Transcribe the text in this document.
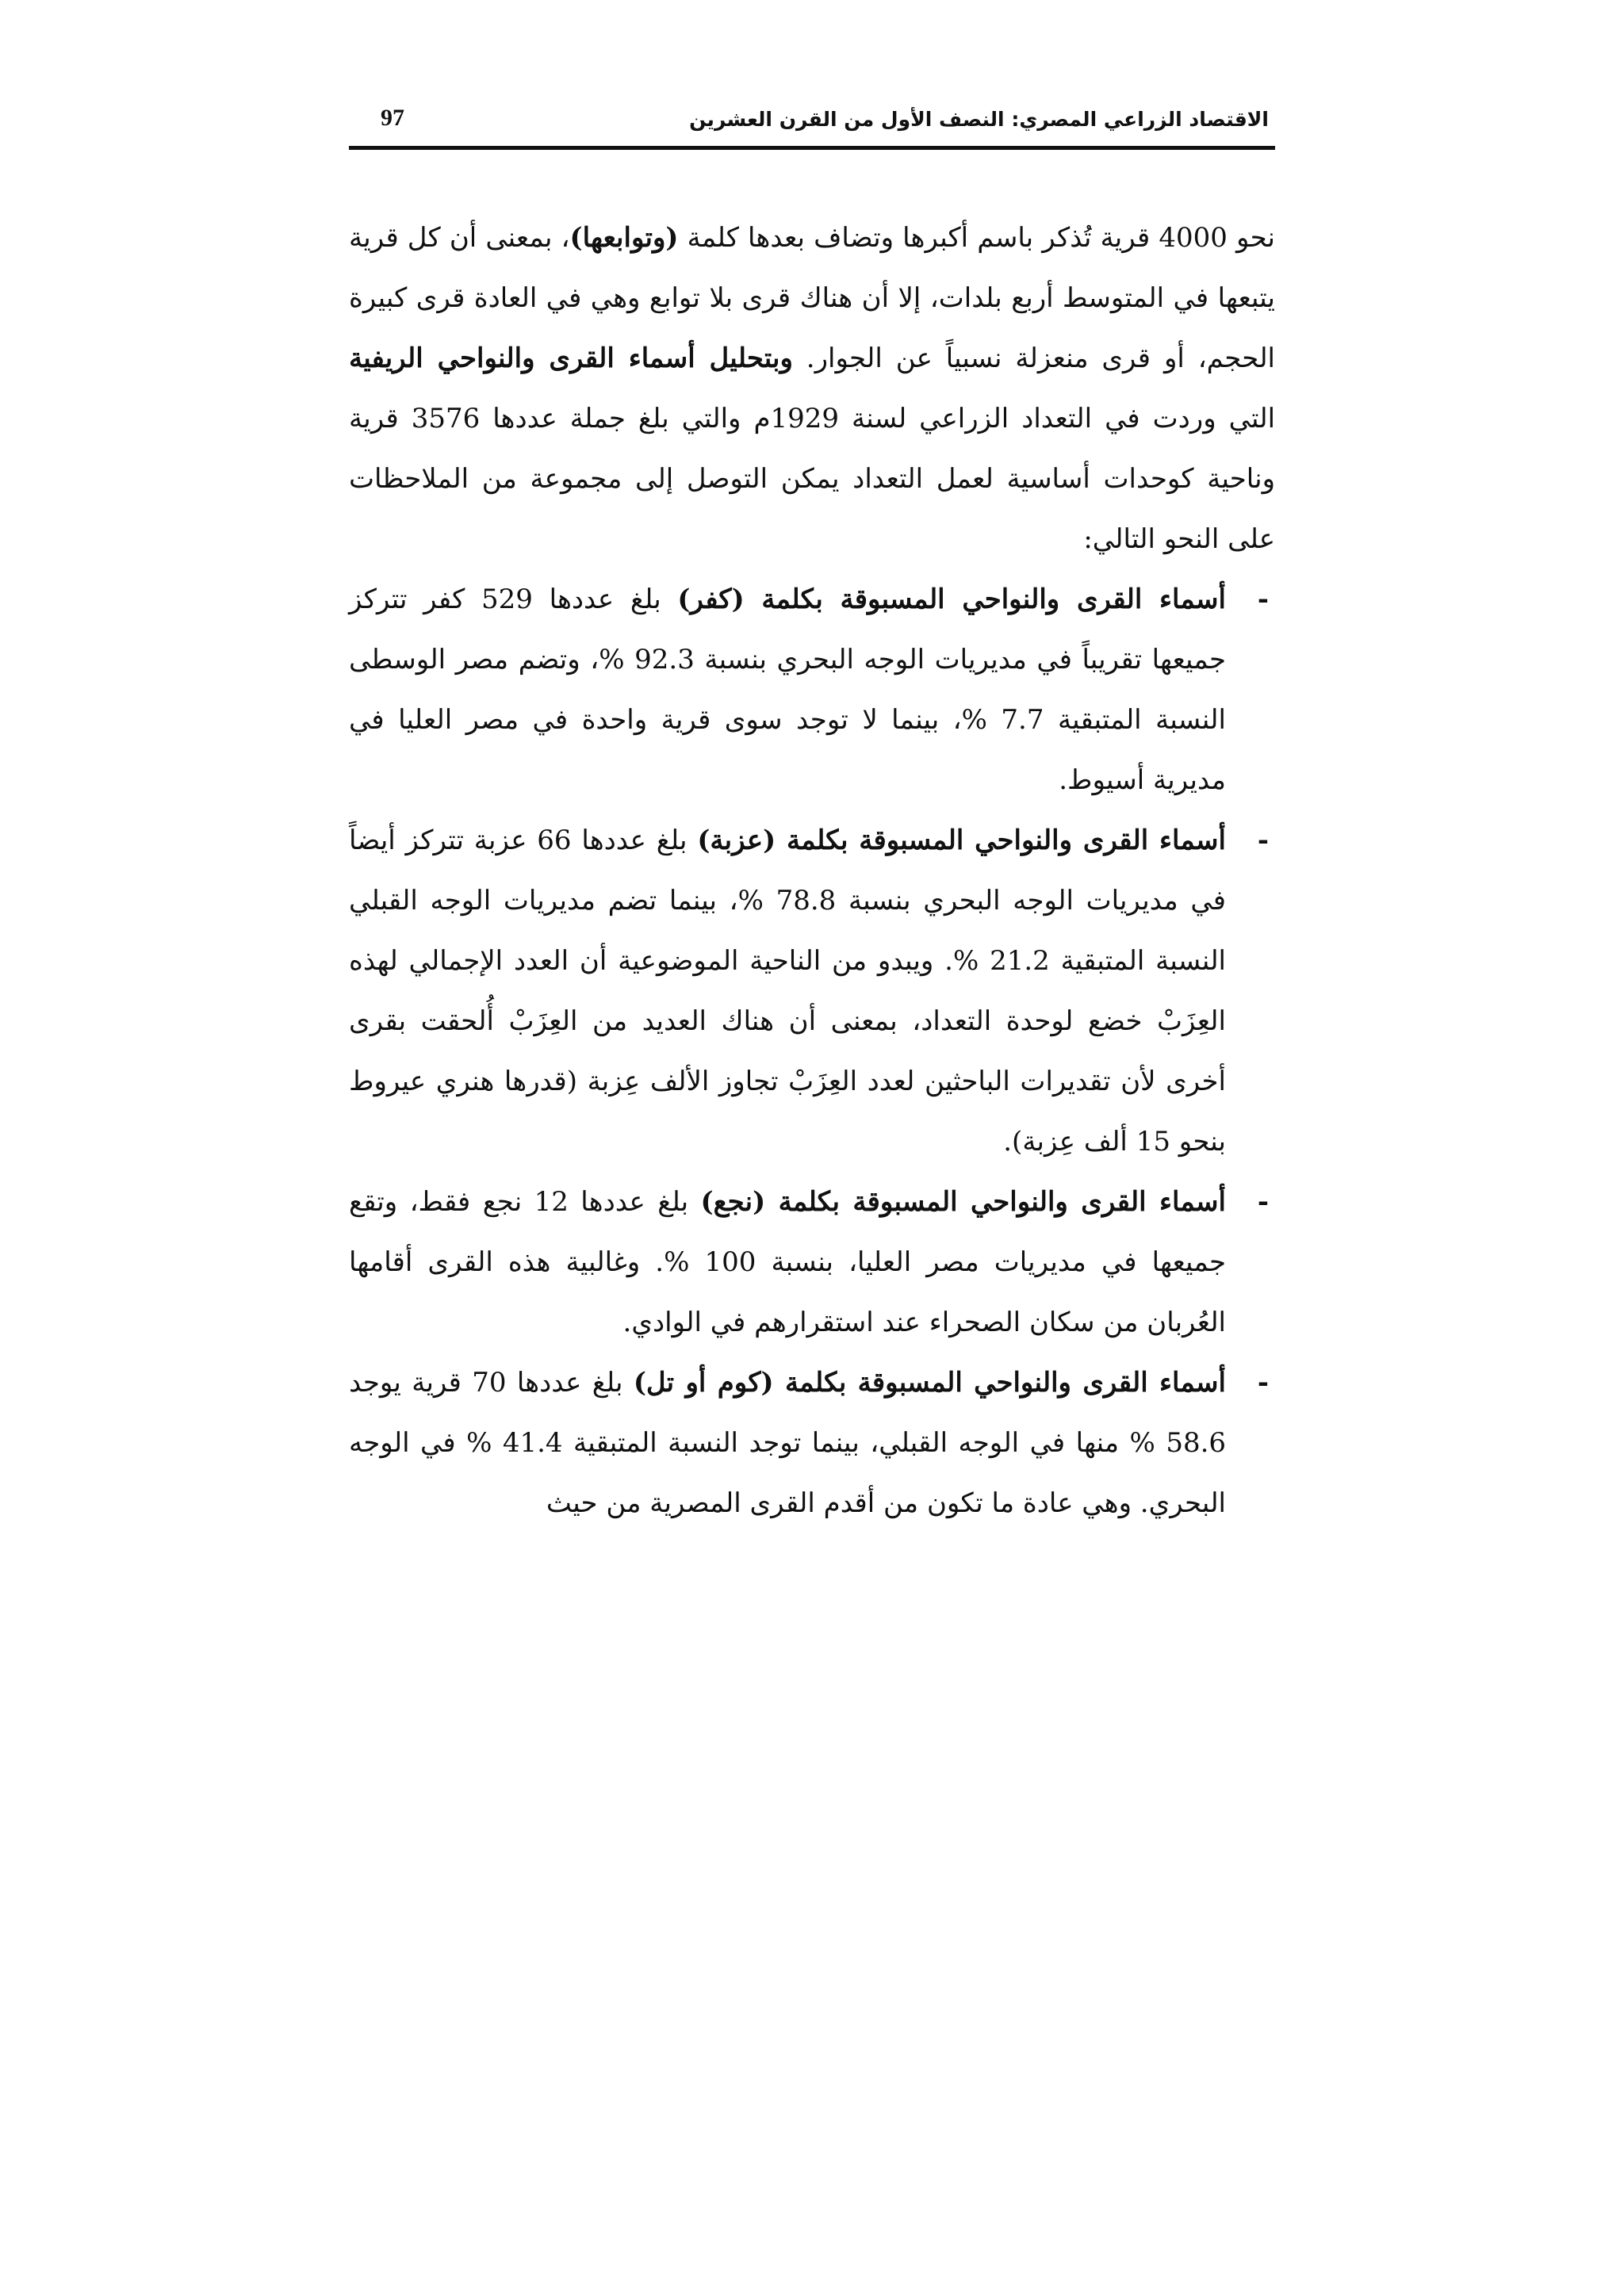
الاقتصاد الزراعي المصري: النصف الأول من القرن العشرين
97

نحو 4000 قرية تُذكر باسم أكبرها وتضاف بعدها كلمة (وتوابعها)، بمعنى أن كل قرية يتبعها في المتوسط أربع بلدات، إلا أن هناك قرى بلا توابع وهي في العادة قرى كبيرة الحجم، أو قرى منعزلة نسبياً عن الجوار. وبتحليل أسماء القرى والنواحي الريفية التي وردت في التعداد الزراعي لسنة 1929م والتي بلغ جملة عددها 3576 قرية وناحية كوحدات أساسية لعمل التعداد يمكن التوصل إلى مجموعة من الملاحظات على النحو التالي:

-
أسماء القرى والنواحي المسبوقة بكلمة (كفر) بلغ عددها 529 كفر تتركز جميعها تقريباً في مديريات الوجه البحري بنسبة 92.3 %، وتضم مصر الوسطى النسبة المتبقية 7.7 %، بينما لا توجد سوى قرية واحدة في مصر العليا في مديرية أسيوط.
-
أسماء القرى والنواحي المسبوقة بكلمة (عزبة) بلغ عددها 66 عزبة تتركز أيضاً في مديريات الوجه البحري بنسبة 78.8 %، بينما تضم مديريات الوجه القبلي النسبة المتبقية 21.2 %. ويبدو من الناحية الموضوعية أن العدد الإجمالي لهذه العِزَبْ خضع لوحدة التعداد، بمعنى أن هناك العديد من العِزَبْ أُلحقت بقرى أخرى لأن تقديرات الباحثين لعدد العِزَبْ تجاوز الألف عِزبة (قدرها هنري عيروط بنحو 15 ألف عِزبة).
-
أسماء القرى والنواحي المسبوقة بكلمة (نجع) بلغ عددها 12 نجع فقط، وتقع جميعها في مديريات مصر العليا، بنسبة 100 %. وغالبية هذه القرى أقامها العُربان من سكان الصحراء عند استقرارهم في الوادي.
-
أسماء القرى والنواحي المسبوقة بكلمة (كوم أو تل) بلغ عددها 70 قرية يوجد 58.6 % منها في الوجه القبلي، بينما توجد النسبة المتبقية 41.4 % في الوجه البحري. وهي عادة ما تكون من أقدم القرى المصرية من حيث
